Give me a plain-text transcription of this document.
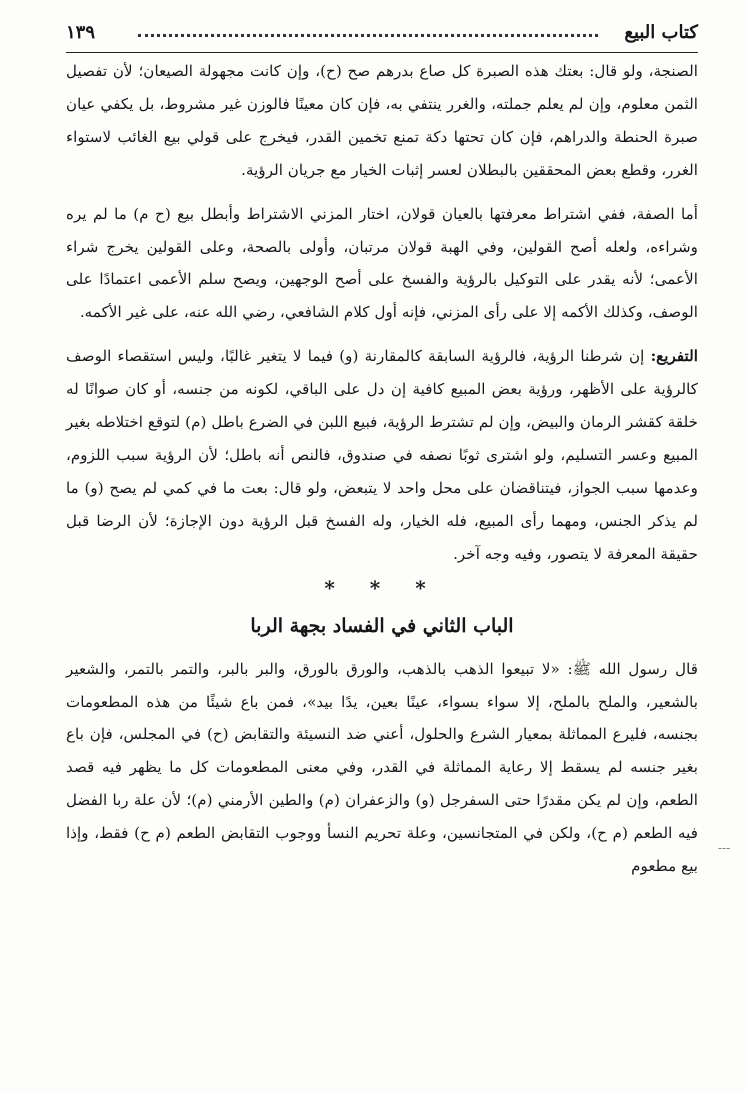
كتاب البيع
١٣٩

الصنجة، ولو قال: بعتك هذه الصبرة كل صاع بدرهم صح (ح)، وإن كانت مجهولة الصيعان؛ لأن تفصيل الثمن معلوم، وإن لم يعلم جملته، والغرر ينتفي به، فإن كان معينًا فالوزن غير مشروط، بل يكفي عيان صبرة الحنطة والدراهم، فإن كان تحتها دكة تمنع تخمين القدر، فيخرج على قولي بيع الغائب لاستواء الغرر، وقطع بعض المحققين بالبطلان لعسر إثبات الخيار مع جريان الرؤية.

أما الصفة، ففي اشتراط معرفتها بالعيان قولان، اختار المزني الاشتراط وأبطل بيع (ح م) ما لم يره وشراءه، ولعله أصح القولين، وفي الهبة قولان مرتبان، وأولى بالصحة، وعلى القولين يخرج شراء الأعمى؛ لأنه يقدر على التوكيل بالرؤية والفسخ على أصح الوجهين، ويصح سلم الأعمى اعتمادًا على الوصف، وكذلك الأكمه إلا على رأى المزني، فإنه أول كلام الشافعي، رضي الله عنه، على غير الأكمه.

التفريع: إن شرطنا الرؤية، فالرؤية السابقة كالمقارنة (و) فيما لا يتغير غالبًا، وليس استقصاء الوصف كالرؤية على الأظهر، ورؤية بعض المبيع كافية إن دل على الباقي، لكونه من جنسه، أو كان صوانًا له خلقة كقشر الرمان والبيض، وإن لم تشترط الرؤية، فبيع اللبن في الضرع باطل (م) لتوقع اختلاطه بغير المبيع وعسر التسليم، ولو اشترى ثوبًا نصفه في صندوق، فالنص أنه باطل؛ لأن الرؤية سبب اللزوم، وعدمها سبب الجواز، فيتناقضان على محل واحد لا يتبعض، ولو قال: بعت ما في كمي لم يصح (و) ما لم يذكر الجنس، ومهما رأى المبيع، فله الخيار، وله الفسخ قبل الرؤية دون الإجازة؛ لأن الرضا قبل حقيقة المعرفة لا يتصور، وفيه وجه آخر.

* * *
الباب الثاني في الفساد بجهة الربا

قال رسول الله ﷺ: «لا تبيعوا الذهب بالذهب، والورق بالورق، والبر بالبر، والتمر بالتمر، والشعير بالشعير، والملح بالملح، إلا سواء بسواء، عينًا بعين، يدًا بيد»، فمن باع شيئًا من هذه المطعومات بجنسه، فليرع المماثلة بمعيار الشرع والحلول، أعني ضد النسيئة والتقابض (ح) في المجلس، فإن باع بغير جنسه لم يسقط إلا رعاية المماثلة في القدر، وفي معنى المطعومات كل ما يظهر فيه قصد الطعم، وإن لم يكن مقدرًا حتى السفرجل (و) والزعفران (م) والطين الأرمني (م)؛ لأن علة ربا الفضل فيه الطعم (م ح)، ولكن في المتجانسين، وعلة تحريم النسأ ووجوب التقابض الطعم (م ح) فقط، وإذا بيع مطعوم

---
